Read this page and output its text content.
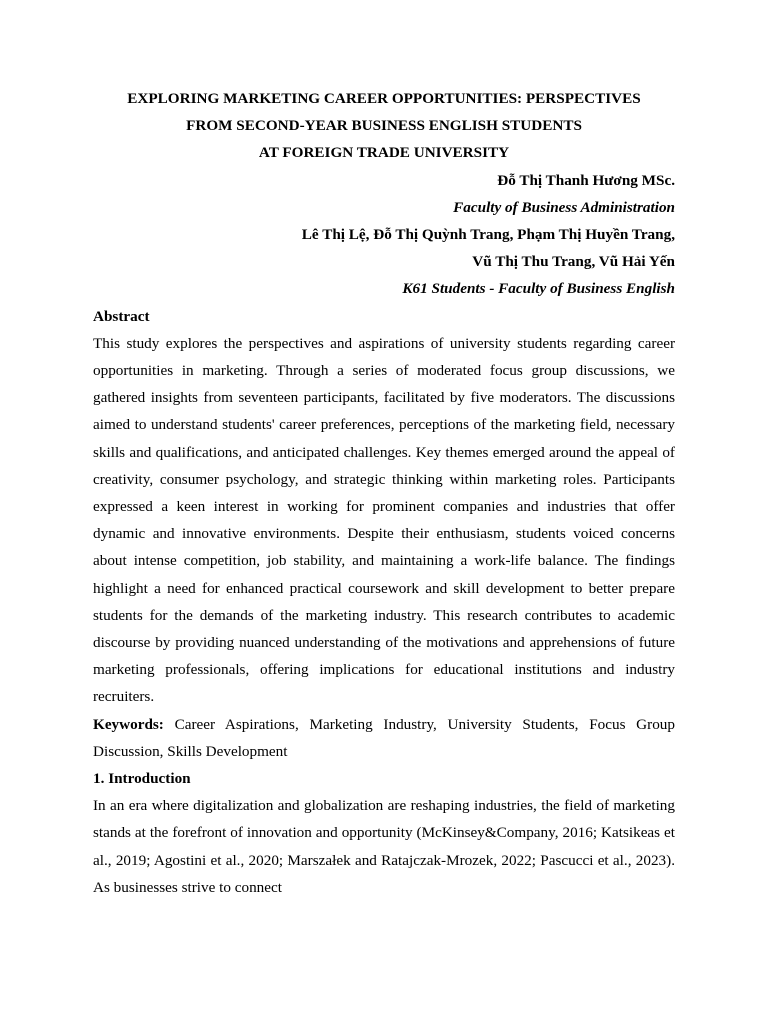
EXPLORING MARKETING CAREER OPPORTUNITIES: PERSPECTIVES
FROM SECOND-YEAR BUSINESS ENGLISH STUDENTS
AT FOREIGN TRADE UNIVERSITY
Đỗ Thị Thanh Hương MSc.
Faculty of Business Administration
Lê Thị Lệ, Đỗ Thị Quỳnh Trang, Phạm Thị Huyền Trang,
Vũ Thị Thu Trang, Vũ Hải Yến
K61 Students - Faculty of Business English
Abstract

This study explores the perspectives and aspirations of university students regarding career opportunities in marketing. Through a series of moderated focus group discussions, we gathered insights from seventeen participants, facilitated by five moderators. The discussions aimed to understand students' career preferences, perceptions of the marketing field, necessary skills and qualifications, and anticipated challenges. Key themes emerged around the appeal of creativity, consumer psychology, and strategic thinking within marketing roles. Participants expressed a keen interest in working for prominent companies and industries that offer dynamic and innovative environments. Despite their enthusiasm, students voiced concerns about intense competition, job stability, and maintaining a work-life balance. The findings highlight a need for enhanced practical coursework and skill development to better prepare students for the demands of the marketing industry. This research contributes to academic discourse by providing nuanced understanding of the motivations and apprehensions of future marketing professionals, offering implications for educational institutions and industry recruiters.

Keywords: Career Aspirations, Marketing Industry, University Students, Focus Group Discussion, Skills Development

1. Introduction

In an era where digitalization and globalization are reshaping industries, the field of marketing stands at the forefront of innovation and opportunity (McKinsey&Company, 2016; Katsikeas et al., 2019; Agostini et al., 2020; Marszałek and Ratajczak-Mrozek, 2022; Pascucci et al., 2023). As businesses strive to connect
